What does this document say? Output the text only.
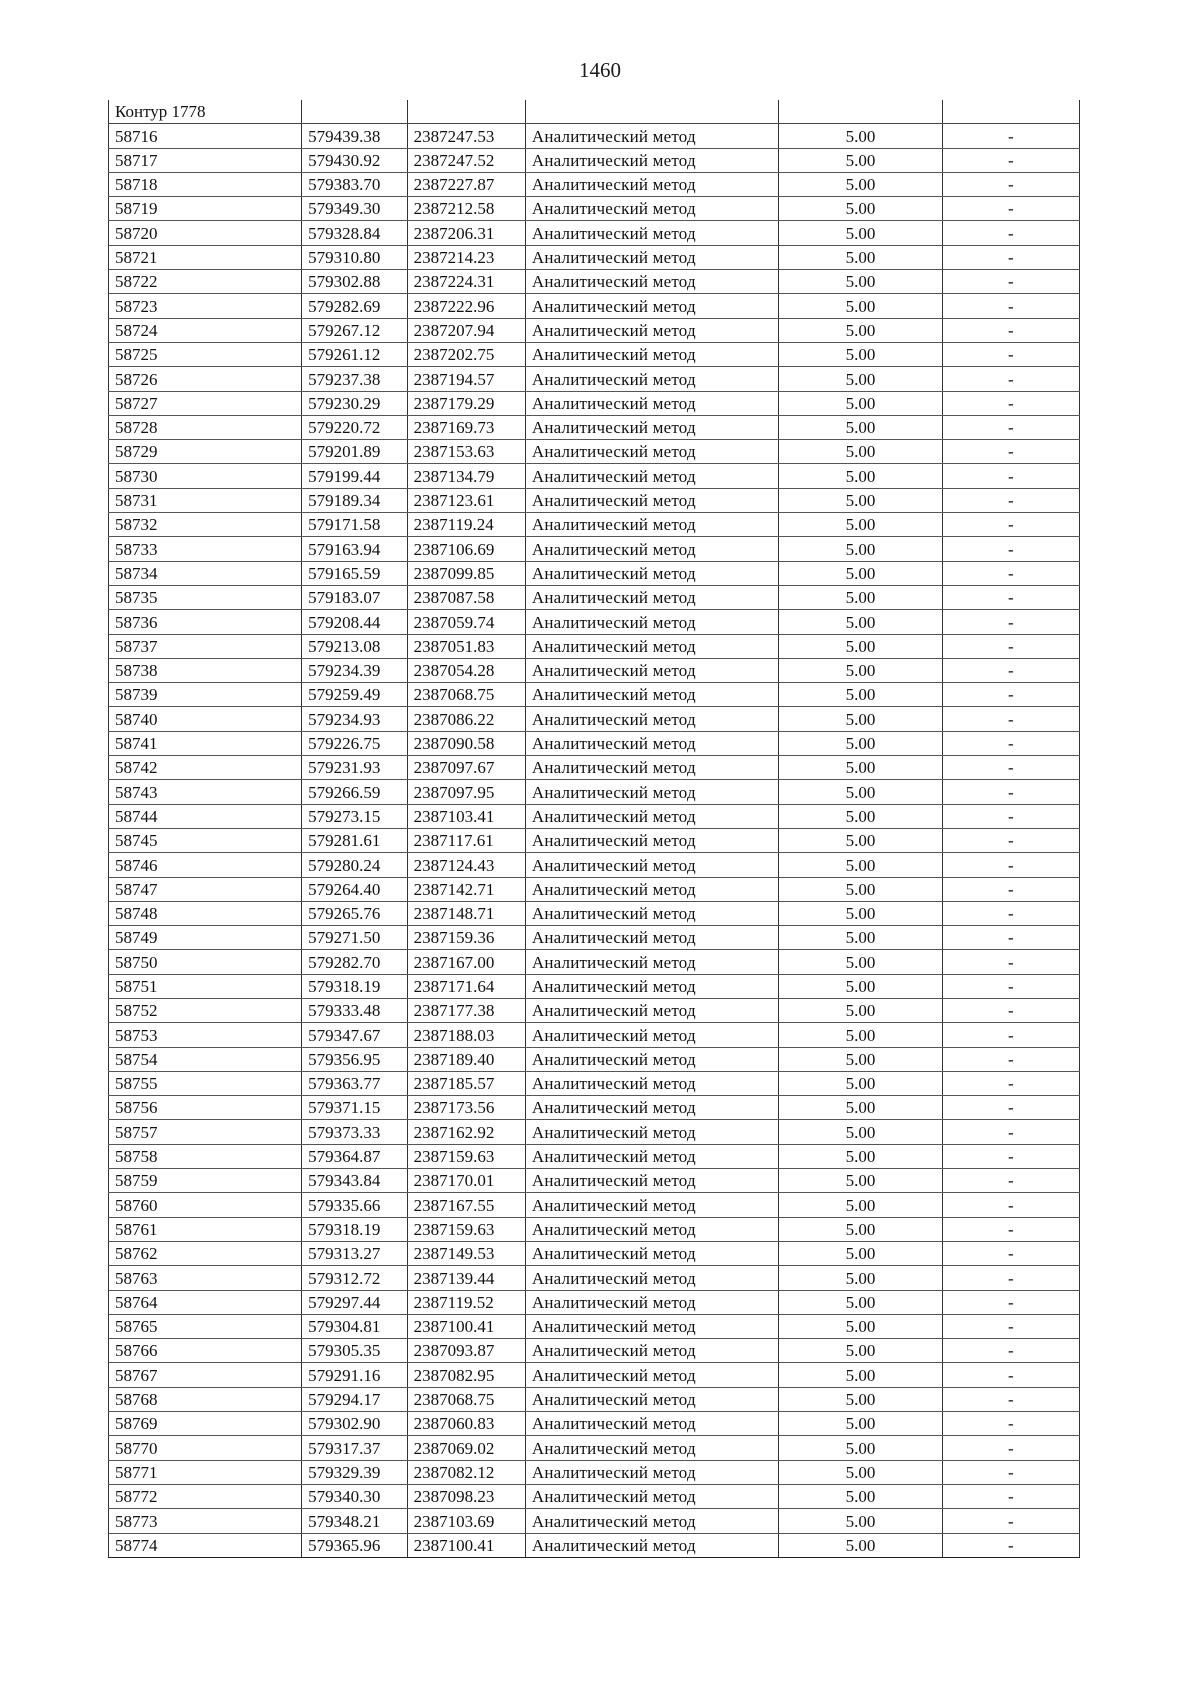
1460
Контур 1778					
58716	579439.38	2387247.53	Аналитический метод	5.00	-
58717	579430.92	2387247.52	Аналитический метод	5.00	-
58718	579383.70	2387227.87	Аналитический метод	5.00	-
58719	579349.30	2387212.58	Аналитический метод	5.00	-
58720	579328.84	2387206.31	Аналитический метод	5.00	-
58721	579310.80	2387214.23	Аналитический метод	5.00	-
58722	579302.88	2387224.31	Аналитический метод	5.00	-
58723	579282.69	2387222.96	Аналитический метод	5.00	-
58724	579267.12	2387207.94	Аналитический метод	5.00	-
58725	579261.12	2387202.75	Аналитический метод	5.00	-
58726	579237.38	2387194.57	Аналитический метод	5.00	-
58727	579230.29	2387179.29	Аналитический метод	5.00	-
58728	579220.72	2387169.73	Аналитический метод	5.00	-
58729	579201.89	2387153.63	Аналитический метод	5.00	-
58730	579199.44	2387134.79	Аналитический метод	5.00	-
58731	579189.34	2387123.61	Аналитический метод	5.00	-
58732	579171.58	2387119.24	Аналитический метод	5.00	-
58733	579163.94	2387106.69	Аналитический метод	5.00	-
58734	579165.59	2387099.85	Аналитический метод	5.00	-
58735	579183.07	2387087.58	Аналитический метод	5.00	-
58736	579208.44	2387059.74	Аналитический метод	5.00	-
58737	579213.08	2387051.83	Аналитический метод	5.00	-
58738	579234.39	2387054.28	Аналитический метод	5.00	-
58739	579259.49	2387068.75	Аналитический метод	5.00	-
58740	579234.93	2387086.22	Аналитический метод	5.00	-
58741	579226.75	2387090.58	Аналитический метод	5.00	-
58742	579231.93	2387097.67	Аналитический метод	5.00	-
58743	579266.59	2387097.95	Аналитический метод	5.00	-
58744	579273.15	2387103.41	Аналитический метод	5.00	-
58745	579281.61	2387117.61	Аналитический метод	5.00	-
58746	579280.24	2387124.43	Аналитический метод	5.00	-
58747	579264.40	2387142.71	Аналитический метод	5.00	-
58748	579265.76	2387148.71	Аналитический метод	5.00	-
58749	579271.50	2387159.36	Аналитический метод	5.00	-
58750	579282.70	2387167.00	Аналитический метод	5.00	-
58751	579318.19	2387171.64	Аналитический метод	5.00	-
58752	579333.48	2387177.38	Аналитический метод	5.00	-
58753	579347.67	2387188.03	Аналитический метод	5.00	-
58754	579356.95	2387189.40	Аналитический метод	5.00	-
58755	579363.77	2387185.57	Аналитический метод	5.00	-
58756	579371.15	2387173.56	Аналитический метод	5.00	-
58757	579373.33	2387162.92	Аналитический метод	5.00	-
58758	579364.87	2387159.63	Аналитический метод	5.00	-
58759	579343.84	2387170.01	Аналитический метод	5.00	-
58760	579335.66	2387167.55	Аналитический метод	5.00	-
58761	579318.19	2387159.63	Аналитический метод	5.00	-
58762	579313.27	2387149.53	Аналитический метод	5.00	-
58763	579312.72	2387139.44	Аналитический метод	5.00	-
58764	579297.44	2387119.52	Аналитический метод	5.00	-
58765	579304.81	2387100.41	Аналитический метод	5.00	-
58766	579305.35	2387093.87	Аналитический метод	5.00	-
58767	579291.16	2387082.95	Аналитический метод	5.00	-
58768	579294.17	2387068.75	Аналитический метод	5.00	-
58769	579302.90	2387060.83	Аналитический метод	5.00	-
58770	579317.37	2387069.02	Аналитический метод	5.00	-
58771	579329.39	2387082.12	Аналитический метод	5.00	-
58772	579340.30	2387098.23	Аналитический метод	5.00	-
58773	579348.21	2387103.69	Аналитический метод	5.00	-
58774	579365.96	2387100.41	Аналитический метод	5.00	-
